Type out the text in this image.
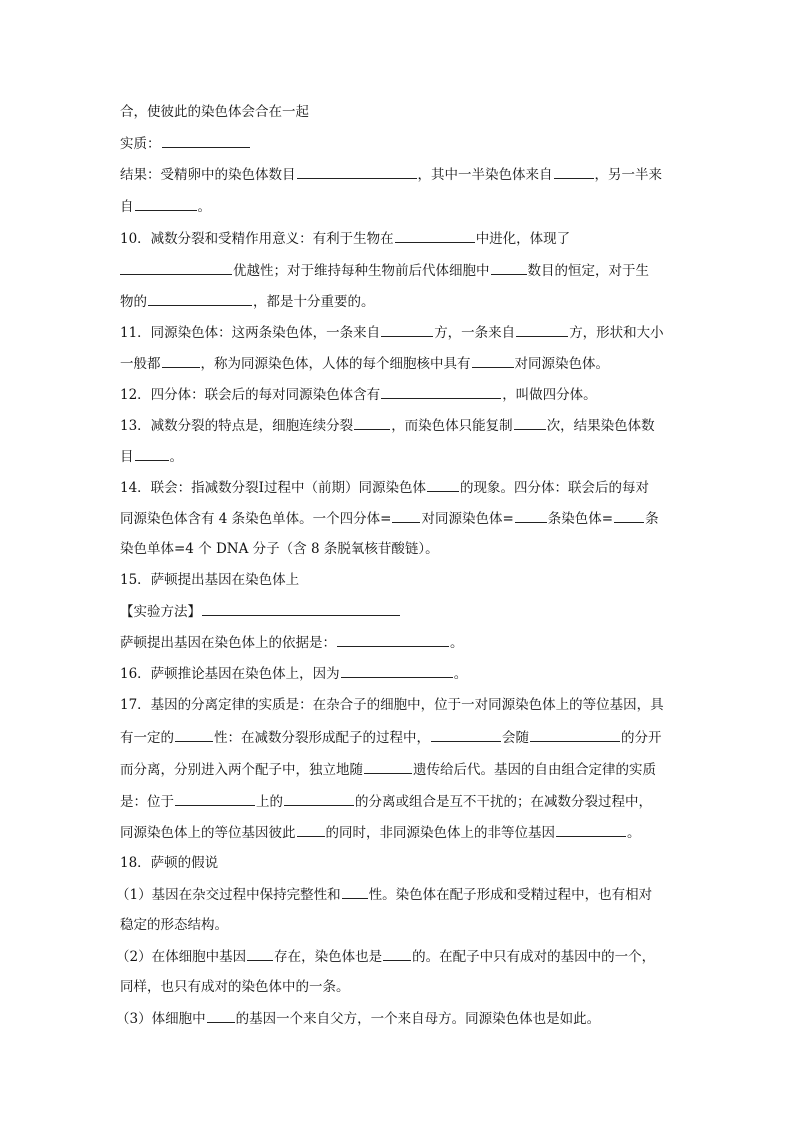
合，使彼此的染色体会合在一起
实质：
结果：受精卵中的染色体数目	，其中一半染色体来自	，另一半来
自	。
10．减数分裂和受精作用意义：有利于生物在	中进化，体现了
优越性；对于维持每种生物前后代体细胞中	数目的恒定，对于生
物的	，都是十分重要的。
11．同源染色体：这两条染色体，一条来自	方，一条来自	方，形状和大小
一般都	，称为同源染色体，人体的每个细胞核中具有	对同源染色体。
12．四分体：联会后的每对同源染色体含有	，叫做四分体。
13．减数分裂的特点是，细胞连续分裂	，而染色体只能复制	次，结果染色体数
目	。
14．联会：指减数分裂Ⅰ过程中（前期）同源染色体	的现象。四分体：联会后的每对
同源染色体含有 4 条染色单体。一个四分体= 对同源染色体=	条染色体= 条
染色单体=4 个 DNA 分子（含 8 条脱氧核苷酸链）。
15．萨顿提出基因在染色体上
【实验方法】
萨顿提出基因在染色体上的依据是：	。
16．萨顿推论基因在染色体上，因为	。
17．基因的分离定律的实质是：在杂合子的细胞中，位于一对同源染色体上的等位基因，具
有一定的	性：在减数分裂形成配子的过程中，	会随	的分开
而分离，分别进入两个配子中，独立地随	遗传给后代。基因的自由组合定律的实质
是：位于	上的	的分离或组合是互不干扰的；在减数分裂过程中，
同源染色体上的等位基因彼此 的同时，非同源染色体上的非等位基因	。
18．萨顿的假说
（1）基因在杂交过程中保持完整性和 性。染色体在配子形成和受精过程中，也有相对
稳定的形态结构。
（2）在体细胞中基因 存在，染色体也是 的。在配子中只有成对的基因中的一个，
同样，也只有成对的染色体中的一条。
（3）体细胞中 的基因一个来自父方，一个来自母方。同源染色体也是如此。
